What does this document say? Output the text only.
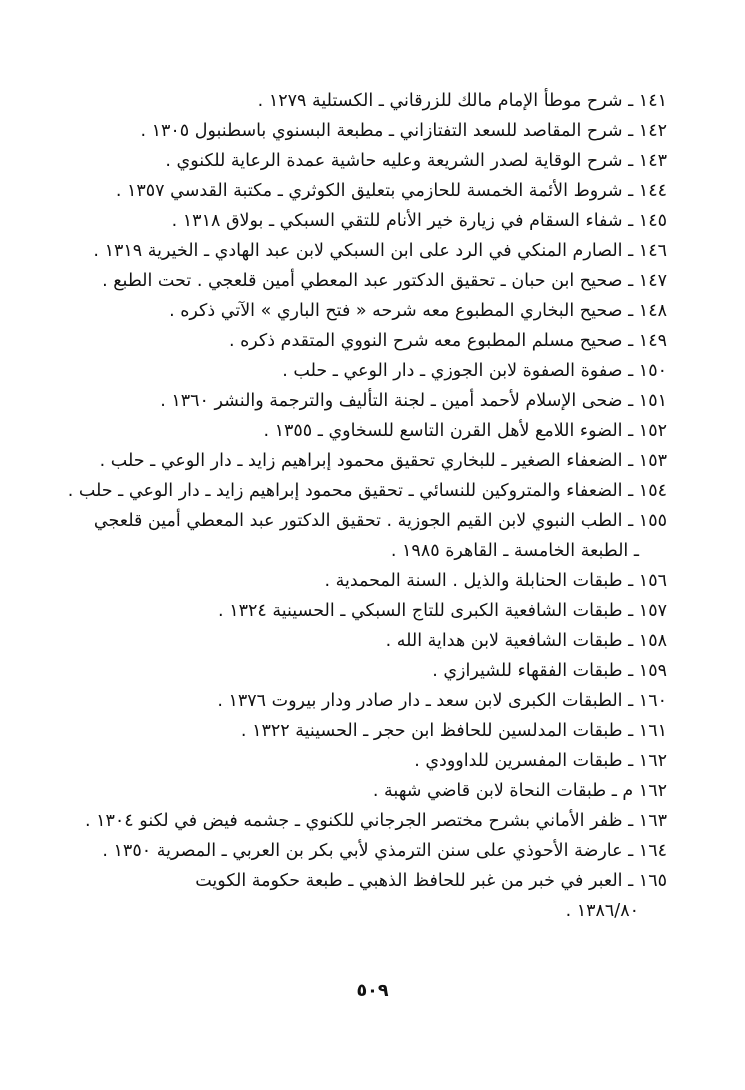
١٤١ ـ شرح موطأ الإمام مالك للزرقاني ـ الكستلية ١٢٧٩ .
١٤٢ ـ شرح المقاصد للسعد التفتازاني ـ مطبعة البسنوي باسطنبول ١٣٠٥ .
١٤٣ ـ شرح الوقاية لصدر الشريعة وعليه حاشية عمدة الرعاية للكنوي .
١٤٤ ـ شروط الأئمة الخمسة للحازمي بتعليق الكوثري ـ مكتبة القدسي ١٣٥٧ .
١٤٥ ـ شفاء السقام في زيارة خير الأنام للتقي السبكي ـ بولاق ١٣١٨ .
١٤٦ ـ الصارم المنكي في الرد على ابن السبكي لابن عبد الهادي ـ الخيرية ١٣١٩ .
١٤٧ ـ صحيح ابن حبان ـ تحقيق الدكتور عبد المعطي أمين قلعجي . تحت الطبع .
١٤٨ ـ صحيح البخاري المطبوع معه شرحه « فتح الباري » الآتي ذكره .
١٤٩ ـ صحيح مسلم المطبوع معه شرح النووي المتقدم ذكره .
١٥٠ ـ صفوة الصفوة لابن الجوزي ـ دار الوعي ـ حلب .
١٥١ ـ ضحى الإسلام لأحمد أمين ـ لجنة التأليف والترجمة والنشر ١٣٦٠ .
١٥٢ ـ الضوء اللامع لأهل القرن التاسع للسخاوي ـ ١٣٥٥ .
١٥٣ ـ الضعفاء الصغير ـ للبخاري تحقيق محمود إبراهيم زايد ـ دار الوعي ـ حلب .
١٥٤ ـ الضعفاء والمتروكين للنسائي ـ تحقيق محمود إبراهيم زايد ـ دار الوعي ـ حلب .
١٥٥ ـ الطب النبوي لابن القيم الجوزية . تحقيق الدكتور عبد المعطي أمين قلعجي
ـ الطبعة الخامسة ـ القاهرة ١٩٨٥ .
١٥٦ ـ طبقات الحنابلة والذيل . السنة المحمدية .
١٥٧ ـ طبقات الشافعية الكبرى للتاج السبكي ـ الحسينية ١٣٢٤ .
١٥٨ ـ طبقات الشافعية لابن هداية الله .
١٥٩ ـ طبقات الفقهاء للشيرازي .
١٦٠ ـ الطبقات الكبرى لابن سعد ـ دار صادر ودار بيروت ١٣٧٦ .
١٦١ ـ طبقات المدلسين للحافظ ابن حجر ـ الحسينية ١٣٢٢ .
١٦٢ ـ طبقات المفسرين للداوودي .
١٦٢ م ـ طبقات النحاة لابن قاضي شهبة .
١٦٣ ـ ظفر الأماني بشرح مختصر الجرجاني للكنوي ـ جشمه فيض في لكنو ١٣٠٤ .
١٦٤ ـ عارضة الأحوذي على سنن الترمذي لأبي بكر بن العربي ـ المصرية ١٣٥٠ .
١٦٥ ـ العبر في خبر من غبر للحافظ الذهبي ـ طبعة حكومة الكويت
١٣٨٦/٨٠ .
٥٠٩
